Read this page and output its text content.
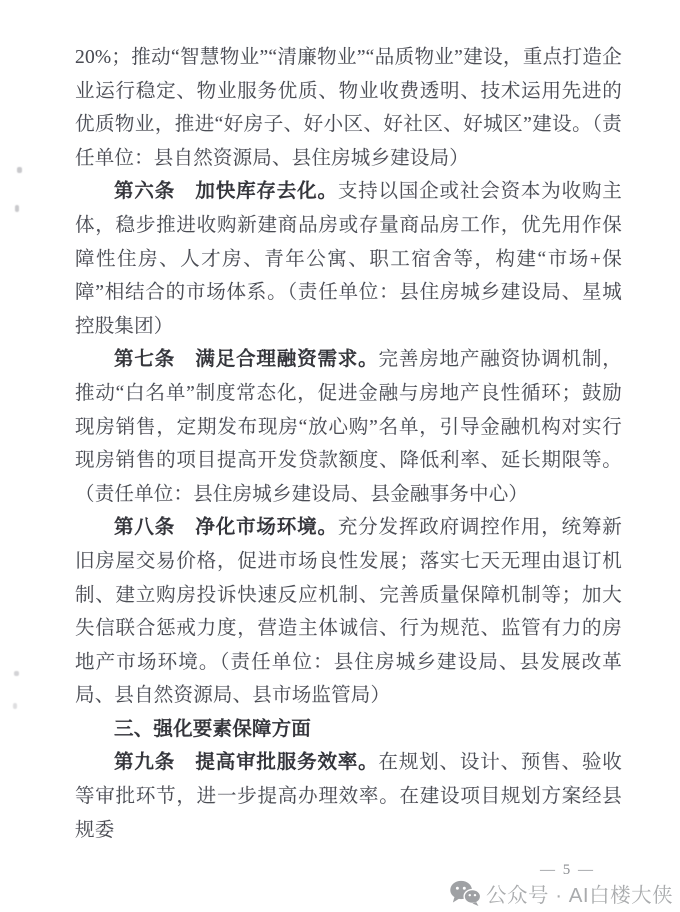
20%；推动“智慧物业”“清廉物业”“品质物业”建设，重点打造企业运行稳定、物业服务优质、物业收费透明、技术运用先进的优质物业，推进“好房子、好小区、好社区、好城区”建设。（责任单位：县自然资源局、县住房城乡建设局）

第六条　加快库存去化。支持以国企或社会资本为收购主体，稳步推进收购新建商品房或存量商品房工作，优先用作保障性住房、人才房、青年公寓、职工宿舍等，构建“市场+保障”相结合的市场体系。（责任单位：县住房城乡建设局、星城控股集团）

第七条　满足合理融资需求。完善房地产融资协调机制，推动“白名单”制度常态化，促进金融与房地产良性循环；鼓励现房销售，定期发布现房“放心购”名单，引导金融机构对实行现房销售的项目提高开发贷款额度、降低利率、延长期限等。（责任单位：县住房城乡建设局、县金融事务中心）

第八条　净化市场环境。充分发挥政府调控作用，统筹新旧房屋交易价格，促进市场良性发展；落实七天无理由退订机制、建立购房投诉快速反应机制、完善质量保障机制等；加大失信联合惩戒力度，营造主体诚信、行为规范、监管有力的房地产市场环境。（责任单位：县住房城乡建设局、县发展改革局、县自然资源局、县市场监管局）

三、强化要素保障方面

第九条　提高审批服务效率。在规划、设计、预售、验收等审批环节，进一步提高办理效率。在建设项目规划方案经县规委

— 5 —
公众号 · AI白楼大侠
